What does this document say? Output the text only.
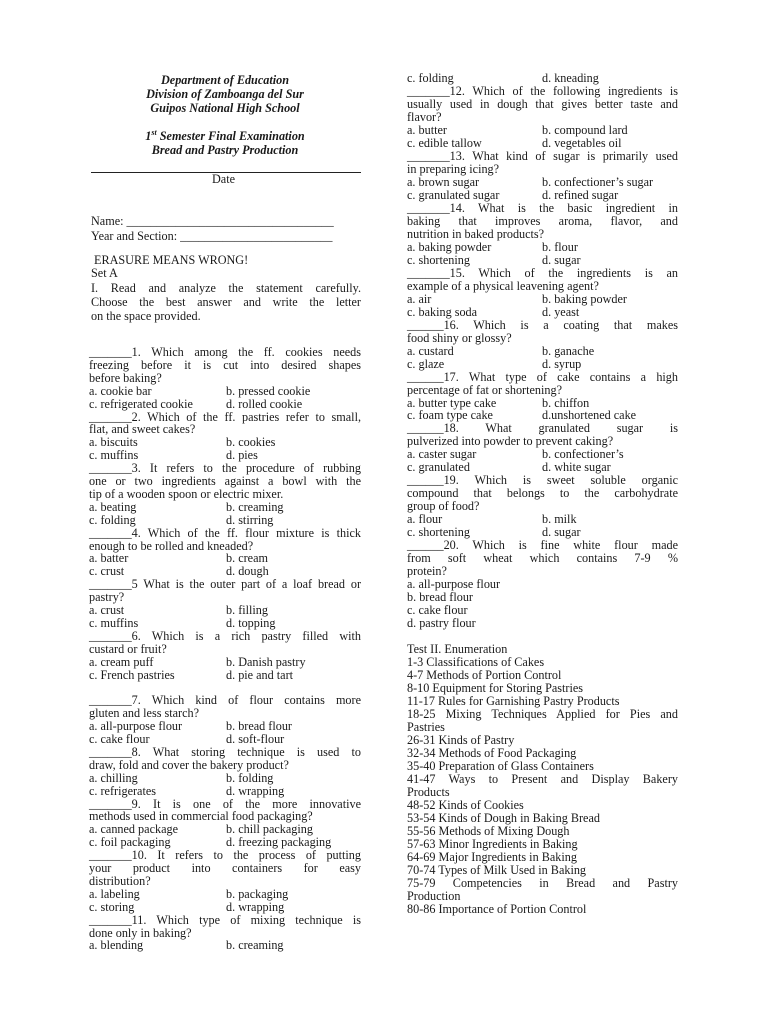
Department of Education
Division of Zamboanga del Sur
Guipos National High School
1st Semester Final Examination
Bread and Pastry Production
Date
Name: __________________________________
Year and Section: _________________________
ERASURE MEANS WRONG!
Set A
I. Read and analyze the statement carefully.
Choose the best answer and write the letter
on the space provided.
_______1. Which among the ff. cookies needs
freezing before it is cut into desired shapes
before baking?
a. cookie bar	b. pressed cookie
c. refrigerated cookie	d. rolled cookie
_______2. Which of the ff. pastries refer to small,
flat, and sweet cakes?
a. biscuits	b. cookies
c. muffins	d. pies
_______3. It refers to the procedure of rubbing
one or two ingredients against a bowl with the
tip of a wooden spoon or electric mixer.
a. beating	b. creaming
c. folding	d. stirring
_______4. Which of the ff. flour mixture is thick
enough to be rolled and kneaded?
a. batter	b. cream
c. crust	d. dough
_______5 What is the outer part of a loaf bread or
pastry?
a. crust	b. filling
c. muffins	d. topping
_______6. Which is a rich pastry filled with
custard or fruit?
a. cream puff	b. Danish pastry
c. French pastries	d. pie and tart
_______7. Which kind of flour contains more
gluten and less starch?
a. all-purpose flour	b. bread flour
c. cake flour	d. soft-flour
_______8. What storing technique is used to
draw, fold and cover the bakery product?
a. chilling	b. folding
c. refrigerates	d. wrapping
_______9. It is one of the more innovative
methods used in commercial food packaging?
a. canned package	b. chill packaging
c. foil packaging	d. freezing packaging
_______10. It refers to the process of putting
your product into containers for easy
distribution?
a. labeling	b. packaging
c. storing	d. wrapping
_______11. Which type of mixing technique is
done only in baking?
a. blending	b. creaming
c. folding	d. kneading
_______12. Which of the following ingredients is
usually used in dough that gives better taste and
flavor?
a. butter	b. compound lard
c. edible tallow	d. vegetables oil
_______13. What kind of sugar is primarily used
in preparing icing?
a. brown sugar	b. confectioner’s sugar
c. granulated sugar	d. refined sugar
_______14. What is the basic ingredient in
baking that improves aroma, flavor, and
nutrition in baked products?
a. baking powder	b. flour
c. shortening	d. sugar
_______15. Which of the ingredients is an
example of a physical leavening agent?
a. air	b. baking powder
c. baking soda	d. yeast
______16. Which is a coating that makes
food shiny or glossy?
a. custard	b. ganache
c. glaze	d. syrup
______17. What type of cake contains a high
percentage of fat or shortening?
a. butter type cake	b. chiffon
c. foam type cake	d.unshortened cake
______18. What granulated sugar is
pulverized into powder to prevent caking?
a. caster sugar	b. confectioner’s
c. granulated	d. white sugar
______19. Which is sweet soluble organic
compound that belongs to the carbohydrate
group of food?
a. flour	b. milk
c. shortening	d. sugar
______20. Which is fine white flour made
from soft wheat which contains 7-9 %
protein?
a. all-purpose flour
b. bread flour
c. cake flour
d. pastry flour
Test II. Enumeration
1-3 Classifications of Cakes
4-7 Methods of Portion Control
8-10 Equipment for Storing Pastries
11-17 Rules for Garnishing Pastry Products
18-25 Mixing Techniques Applied for Pies and
Pastries
26-31 Kinds of Pastry
32-34 Methods of Food Packaging
35-40 Preparation of Glass Containers
41-47 Ways to Present and Display Bakery
Products
48-52 Kinds of Cookies
53-54 Kinds of Dough in Baking Bread
55-56 Methods of Mixing Dough
57-63 Minor Ingredients in Baking
64-69 Major Ingredients in Baking
70-74 Types of Milk Used in Baking
75-79 Competencies in Bread and Pastry
Production
80-86 Importance of Portion Control
